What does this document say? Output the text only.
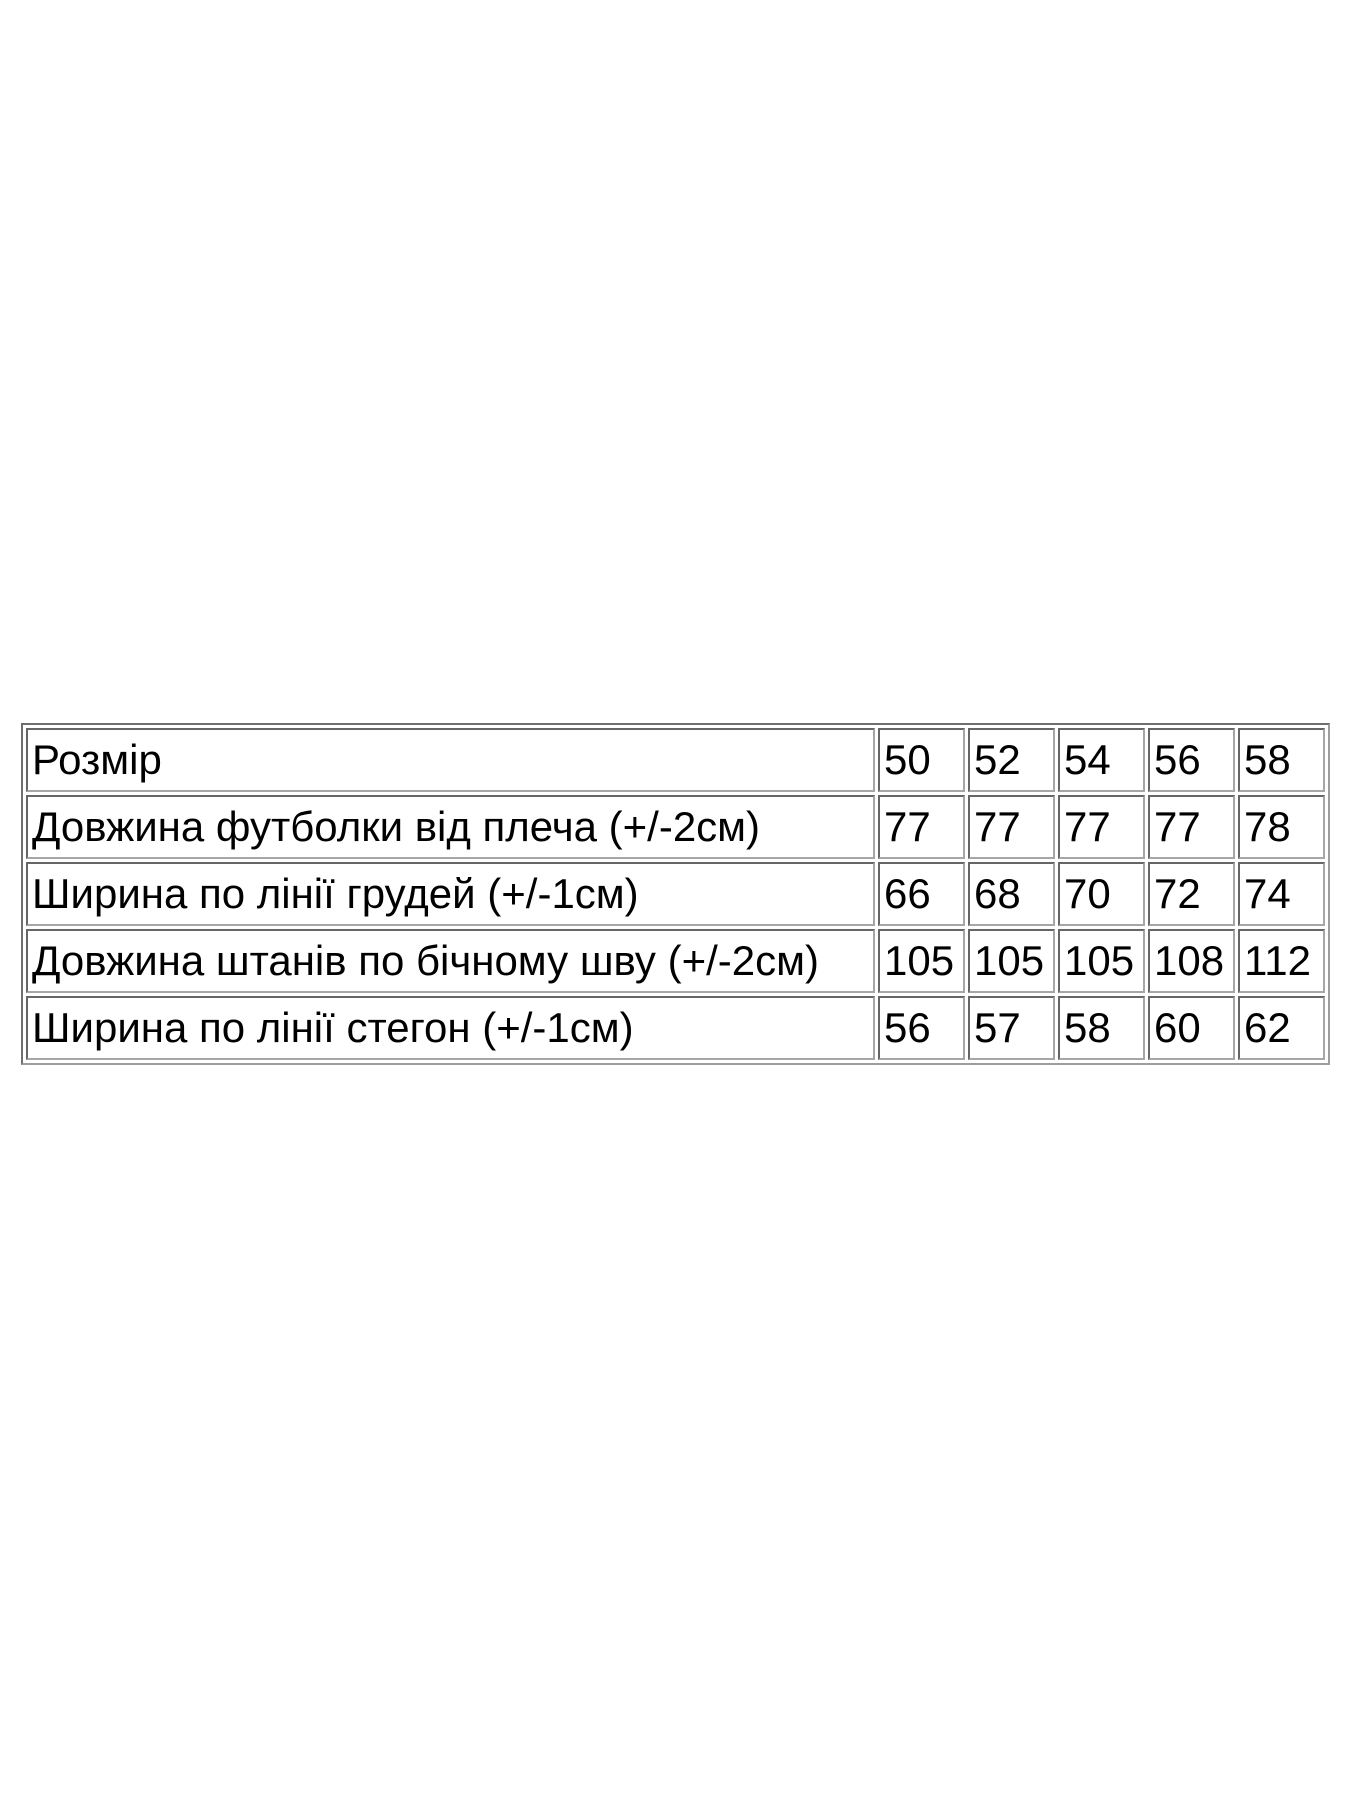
Розмір	50	52	54	56	58
Довжина футболки від плеча (+/-2см)	77	77	77	77	78
Ширина по лінії грудей (+/-1см)	66	68	70	72	74
Довжина штанів по бічному шву (+/-2см)	105	105	105	108	112
Ширина по лінії стегон (+/-1см)	56	57	58	60	62
